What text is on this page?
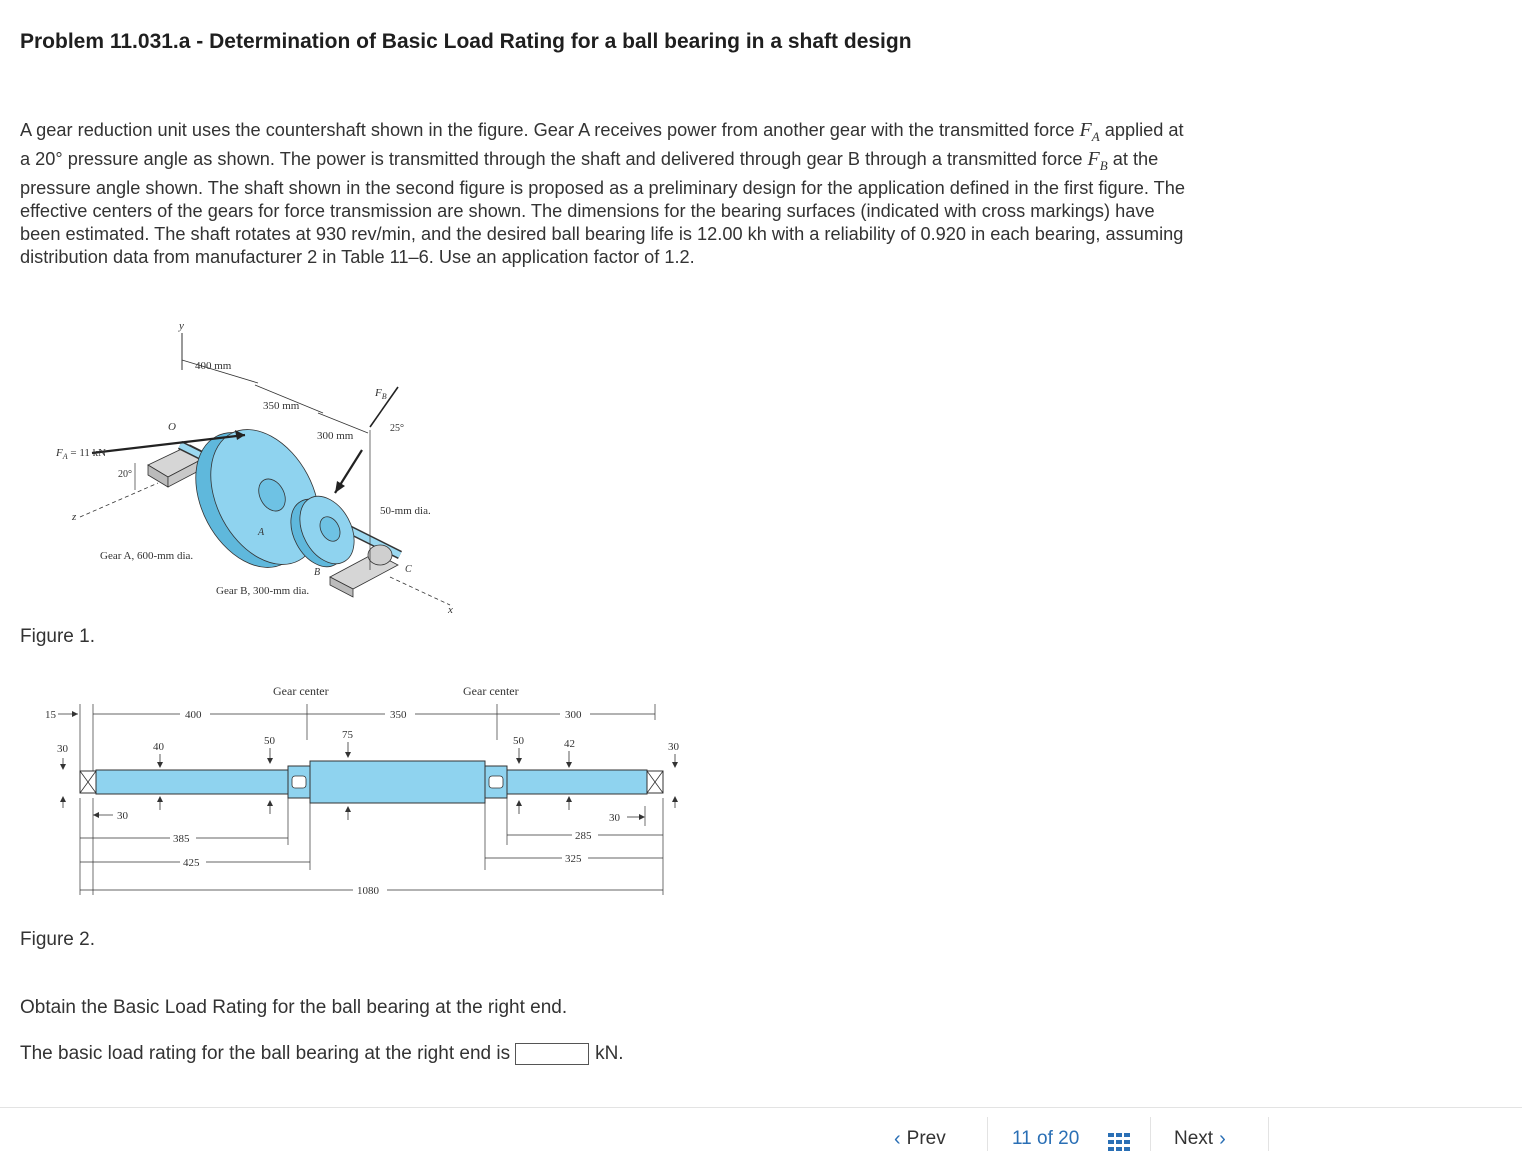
Problem 11.031.a - Determination of Basic Load Rating for a ball bearing in a shaft design
A gear reduction unit uses the countershaft shown in the figure. Gear A receives power from another gear with the transmitted force $F_A$ applied at a 20° pressure angle as shown. The power is transmitted through the shaft and delivered through gear B through a transmitted force $F_B$ at the pressure angle shown. The shaft shown in the second figure is proposed as a preliminary design for the application defined in the first figure. The effective centers of the gears for force transmission are shown. The dimensions for the bearing surfaces (indicated with cross markings) have been estimated. The shaft rotates at 930 rev/min, and the desired ball bearing life is 12.00 kh with a reliability of 0.920 in each bearing, assuming distribution data from manufacturer 2 in Table 11–6. Use an application factor of 1.2.
y
400 mm
350 mm
300 mm
O
z
x
A
B	C
$F_A = 11$ kN
20°
$F_B$
25°
50-mm dia.
Gear A, 600-mm dia.
Gear B, 300-mm dia.
Figure 1.
Gear center	Gear center
15	400	350	300
30	40	50	75	50	42	30
30	30
385
425
285
325
1080
Figure 2.
Obtain the Basic Load Rating for the ball bearing at the right end.
The basic load rating for the ball bearing at the right end is	kN.
‹ Prev	11
of
20	Next ›
